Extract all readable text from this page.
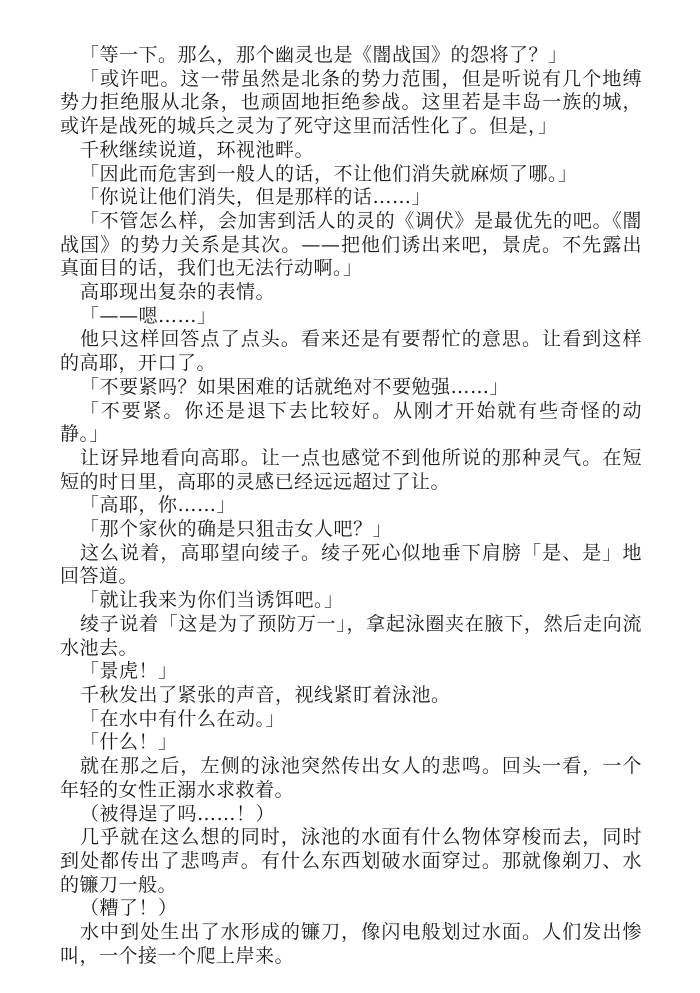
「等一下。那么，那个幽灵也是《闇战国》的怨将了？」

「或许吧。这一带虽然是北条的势力范围，但是听说有几个地缚势力拒绝服从北条，也顽固地拒绝参战。这里若是丰岛一族的城，或许是战死的城兵之灵为了死守这里而活性化了。但是，」

千秋继续说道，环视池畔。

「因此而危害到一般人的话，不让他们消失就麻烦了哪。」

「你说让他们消失，但是那样的话……」

「不管怎么样，会加害到活人的灵的《调伏》是最优先的吧。《闇战国》的势力关系是其次。——把他们诱出来吧，景虎。不先露出真面目的话，我们也无法行动啊。」

高耶现出复杂的表情。

「——嗯……」

他只这样回答点了点头。看来还是有要帮忙的意思。让看到这样的高耶，开口了。

「不要紧吗？如果困难的话就绝对不要勉强……」

「不要紧。你还是退下去比较好。从刚才开始就有些奇怪的动静。」

让讶异地看向高耶。让一点也感觉不到他所说的那种灵气。在短短的时日里，高耶的灵感已经远远超过了让。

「高耶，你……」

「那个家伙的确是只狙击女人吧？」

这么说着，高耶望向绫子。绫子死心似地垂下肩膀「是、是」地回答道。

「就让我来为你们当诱饵吧。」

绫子说着「这是为了预防万一」，拿起泳圈夹在腋下，然后走向流水池去。

「景虎！」

千秋发出了紧张的声音，视线紧盯着泳池。

「在水中有什么在动。」

「什么！」

就在那之后，左侧的泳池突然传出女人的悲鸣。回头一看，一个年轻的女性正溺水求救着。

（被得逞了吗……！）

几乎就在这么想的同时，泳池的水面有什么物体穿梭而去，同时到处都传出了悲鸣声。有什么东西划破水面穿过。那就像剃刀、水的镰刀一般。

（糟了！）

水中到处生出了水形成的镰刀，像闪电般划过水面。人们发出惨叫，一个接一个爬上岸来。
